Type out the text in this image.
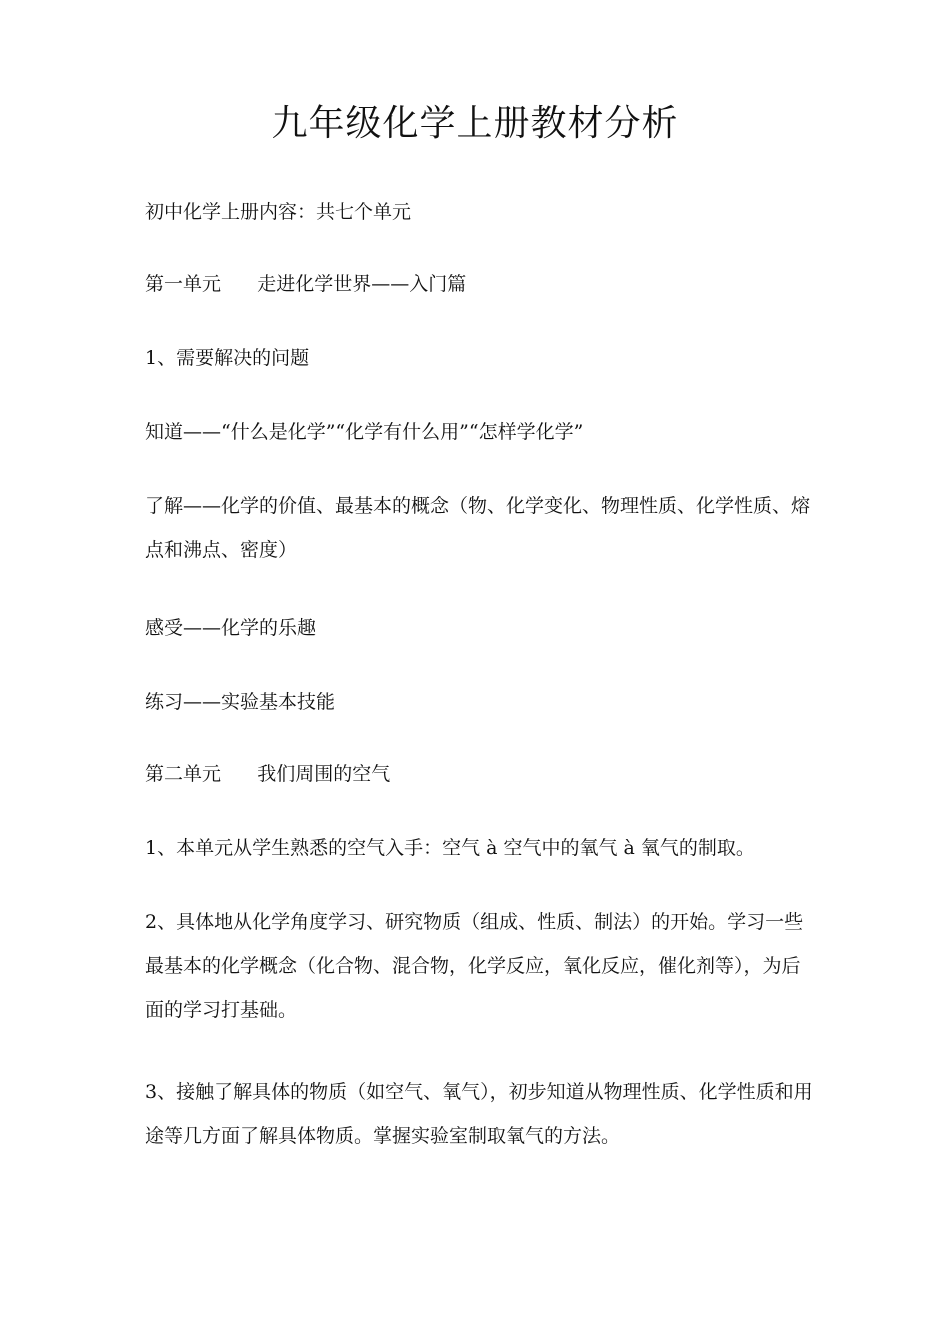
九年级化学上册教材分析

初中化学上册内容：共七个单元

第一单元      走进化学世界——入门篇

1、需要解决的问题

知道——“什么是化学”“化学有什么用”“怎样学化学”

了解——化学的价值、最基本的概念（物、化学变化、物理性质、化学性质、熔点和沸点、密度）

感受——化学的乐趣

练习——实验基本技能

第二单元      我们周围的空气

1、本单元从学生熟悉的空气入手：空气 à 空气中的氧气 à 氧气的制取。

2、具体地从化学角度学习、研究物质（组成、性质、制法）的开始。学习一些最基本的化学概念（化合物、混合物，化学反应，氧化反应，催化剂等），为后面的学习打基础。

3、接触了解具体的物质（如空气、氧气），初步知道从物理性质、化学性质和用途等几方面了解具体物质。掌握实验室制取氧气的方法。
